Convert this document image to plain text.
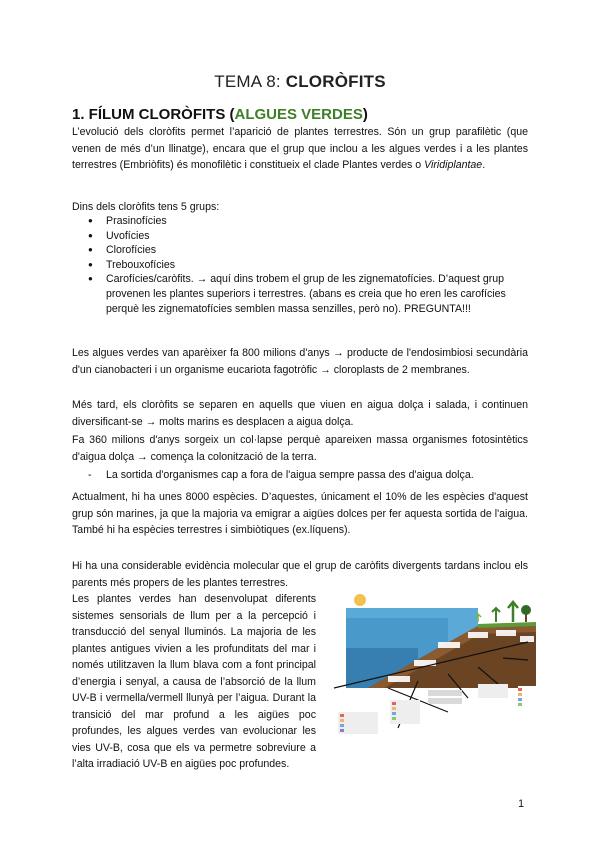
TEMA 8: CLORÒFITS
1. FÍLUM CLORÒFITS (ALGUES VERDES)
L’evolució dels cloròfits permet l’aparició de plantes terrestres. Són un grup parafilètic (que venen de més d’un llinatge), encara que el grup que inclou a les algues verdes i a les plantes terrestres (Embriòfits) és monofilètic i constitueix el clade Plantes verdes o Viridiplantae.
Dins dels cloròfits tens 5 grups:
● Prasinofícies
● Uvofícies
● Clorofícies
● Trebouxofícies
● Carofícies/caròfits. → aquí dins trobem el grup de les zignematofícies. D’aquest grup provenen les plantes superiors i terrestres. (abans es creia que ho eren les carofícies perquè les zignematofícies semblen massa senzilles, però no). PREGUNTA!!!
Les algues verdes van aparèixer fa 800 milions d'anys → producte de l'endosimbiosi secundària d'un cianobacteri i un organisme eucariota fagotròfic → cloroplasts de 2 membranes.
Més tard, els cloròfits se separen en aquells que viuen en aigua dolça i salada, i continuen diversificant-se → molts marins es desplacen a aigua dolça.
Fa 360 milions d'anys sorgeix un col·lapse perquè apareixen massa organismes fotosintètics d'aigua dolça → comença la colonització de la terra.
- La sortida d'organismes cap a fora de l'aigua sempre passa des d'aigua dolça.
Actualment, hi ha unes 8000 espècies. D’aquestes, únicament el 10% de les espècies d'aquest grup són marines, ja que la majoria va emigrar a aigües dolces per fer aquesta sortida de l'aigua. També hi ha espècies terrestres i simbiòtiques (ex.líquens).
Hi ha una considerable evidència molecular que el grup de caròfits divergents tardans inclou els parents més propers de les plantes terrestres.
Les plantes verdes han desenvolupat diferents sistemes sensorials de llum per a la percepció i transducció del senyal lluminós. La majoria de les plantes antigues vivien a les profunditats del mar i només utilitzaven la llum blava com a font principal d’energia i senyal, a causa de l’absorció de la llum UV-B i vermella/vermell llunyà per l’aigua. Durant la transició del mar profund a les aigües poc profundes, les algues verdes van evolucionar les vies UV-B, cosa que els va permetre sobreviure a l’alta irradiació UV-B en aigües poc profundes.
1
